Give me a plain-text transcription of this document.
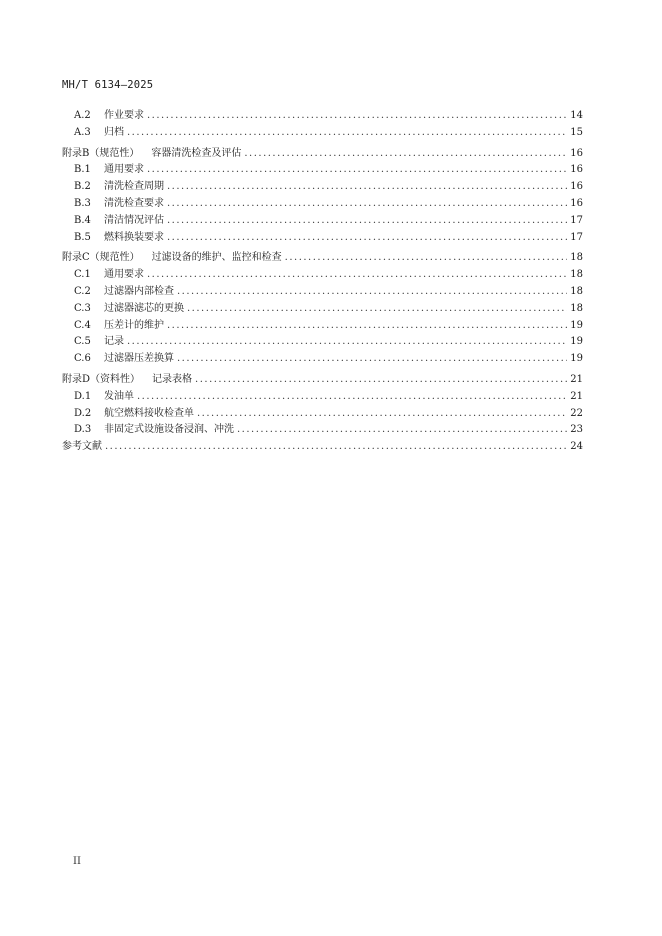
MH/T 6134—2025
A.2	作业要求 .....	14
A.3	归档 .....	15
附录B（规范性） 容器清洗检查及评估 .....	16
B.1	通用要求 .....	16
B.2	清洗检查周期 .....	16
B.3	清洗检查要求 .....	16
B.4	清洁情况评估 .....	17
B.5	燃料换装要求 .....	17
附录C（规范性） 过滤设备的维护、监控和检查 .....	18
C.1	通用要求 .....	18
C.2	过滤器内部检查 .....	18
C.3	过滤器滤芯的更换 .....	18
C.4	压差计的维护 .....	19
C.5	记录 .....	19
C.6	过滤器压差换算 .....	19
附录D（资料性） 记录表格 .....	21
D.1	发油单 .....	21
D.2	航空燃料接收检查单 .....	22
D.3	非固定式设施设备浸润、冲洗 .....	23
参考文献 .....	24
II
